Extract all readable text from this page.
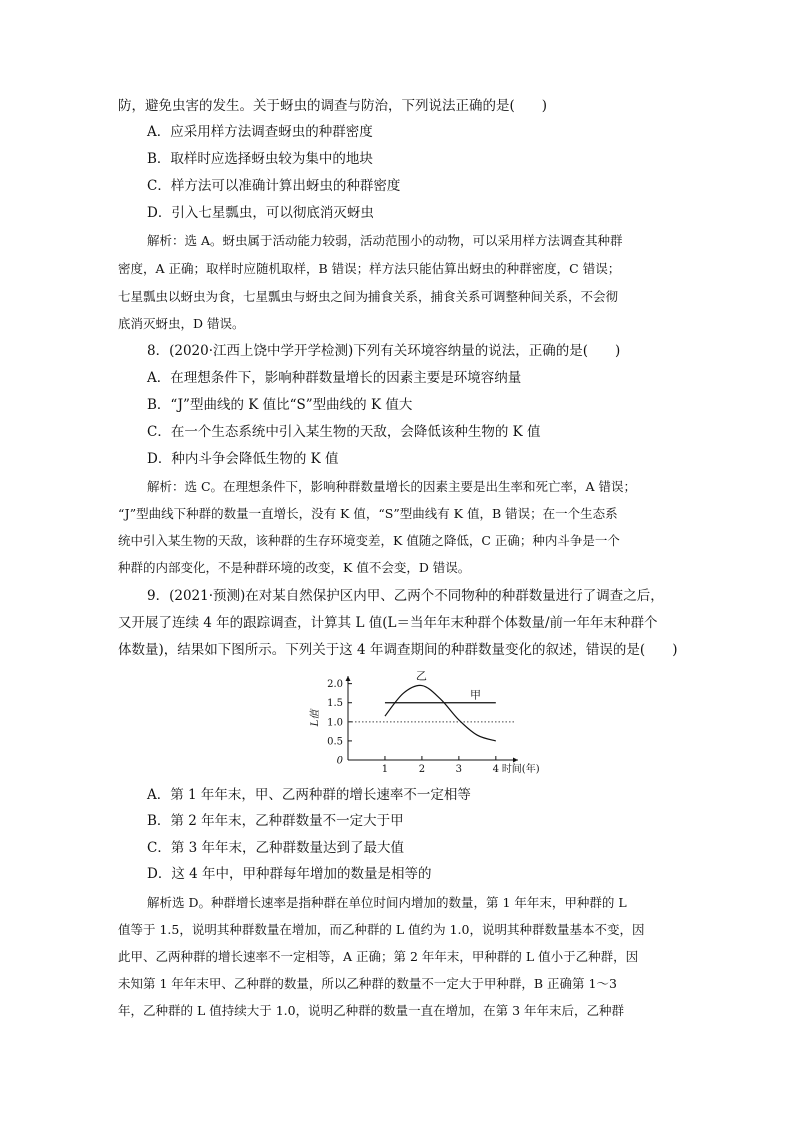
防，避免虫害的发生。关于蚜虫的调查与防治，下列说法正确的是(　　)
A．应采用样方法调查蚜虫的种群密度
B．取样时应选择蚜虫较为集中的地块
C．样方法可以准确计算出蚜虫的种群密度
D．引入七星瓢虫，可以彻底消灭蚜虫
解析：选 A。蚜虫属于活动能力较弱，活动范围小的动物，可以采用样方法调查其种群
密度，A 正确；取样时应随机取样，B 错误；样方法只能估算出蚜虫的种群密度，C 错误；
七星瓢虫以蚜虫为食，七星瓢虫与蚜虫之间为捕食关系，捕食关系可调整种间关系，不会彻
底消灭蚜虫，D 错误。
8．(2020·江西上饶中学开学检测)下列有关环境容纳量的说法，正确的是(　　)
A．在理想条件下，影响种群数量增长的因素主要是环境容纳量
B．“J”型曲线的 K 值比“S”型曲线的 K 值大
C．在一个生态系统中引入某生物的天敌，会降低该种生物的 K 值
D．种内斗争会降低生物的 K 值
解析：选 C。在理想条件下，影响种群数量增长的因素主要是出生率和死亡率，A 错误；
“J”型曲线下种群的数量一直增长，没有 K 值，“S”型曲线有 K 值，B 错误；在一个生态系
统中引入某生物的天敌，该种群的生存环境变差，K 值随之降低，C 正确；种内斗争是一个
种群的内部变化，不是种群环境的改变，K 值不会变，D 错误。
9．(2021·预测)在对某自然保护区内甲、乙两个不同物种的种群数量进行了调查之后，
又开展了连续 4 年的跟踪调查，计算其 L 值(L＝当年年末种群个体数量/前一年年末种群个
体数量)，结果如下图所示。下列关于这 4 年调查期间的种群数量变化的叙述，错误的是(　　)
0
0.5
1.0
1.5
2.0
1	2	3	4 时间(年)
L值
甲
乙
A．第 1 年年末，甲、乙两种群的增长速率不一定相等
B．第 2 年年末，乙种群数量不一定大于甲
C．第 3 年年末，乙种群数量达到了最大值
D．这 4 年中，甲种群每年增加的数量是相等的
解析选 D。种群增长速率是指种群在单位时间内增加的数量，第 1 年年末，甲种群的 L
值等于 1.5，说明其种群数量在增加，而乙种群的 L 值约为 1.0，说明其种群数量基本不变，因
此甲、乙两种群的增长速率不一定相等，A 正确；第 2 年年末，甲种群的 L 值小于乙种群，因
未知第 1 年年末甲、乙种群的数量，所以乙种群的数量不一定大于甲种群，B 正确第 1～3
年，乙种群的 L 值持续大于 1.0，说明乙种群的数量一直在增加，在第 3 年年末后，乙种群
